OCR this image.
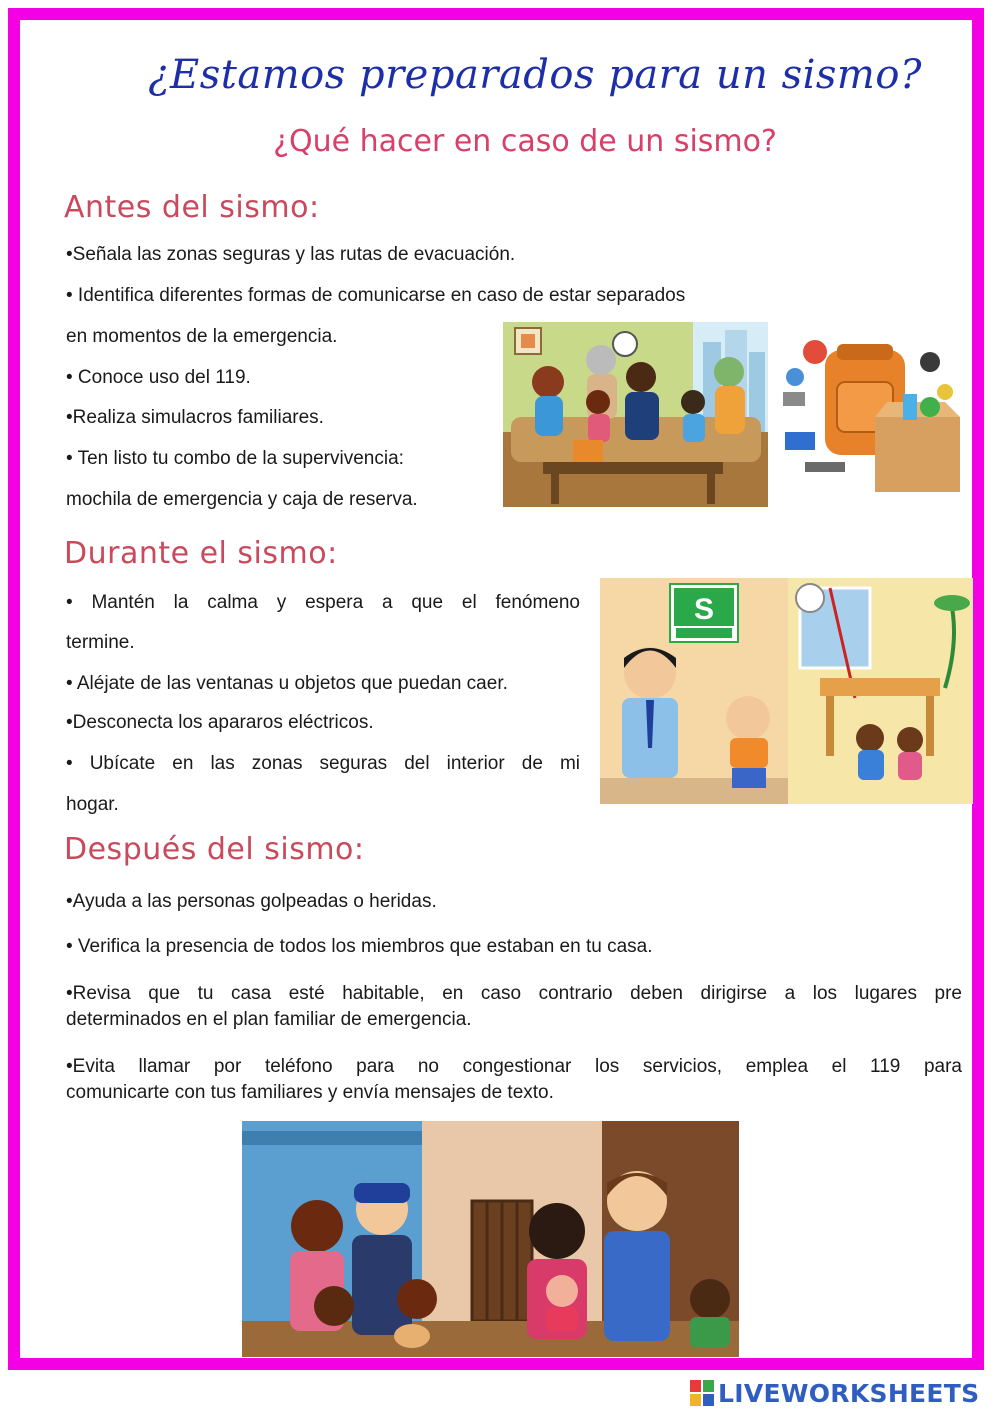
¿Estamos preparados para un sismo?
¿Qué hacer en caso de un sismo?
Antes del sismo:
•Señala las zonas seguras y las rutas de evacuación.
• Identifica diferentes formas de comunicarse en caso de estar separados
en momentos de la emergencia.
• Conoce uso del 119.
•Realiza simulacros familiares.
• Ten listo tu combo de la supervivencia:
mochila de emergencia y caja de reserva.
Durante el sismo:
• Mantén la calma y espera a que el fenómeno
termine.
• Aléjate de las ventanas u objetos que puedan caer.
•Desconecta los apararos eléctricos.
• Ubícate en las zonas seguras del interior de mi
hogar.
S
Después del sismo:
•Ayuda a las personas golpeadas o heridas.
• Verifica la presencia de todos los miembros que estaban en tu casa.
•Revisa que tu casa esté habitable, en caso contrario deben dirigirse a los lugares pre
determinados en el plan familiar de emergencia.
•Evita llamar por teléfono para no congestionar los servicios, emplea el 119 para
comunicarte con tus familiares y envía mensajes de texto.
LIVEWORKSHEETS
